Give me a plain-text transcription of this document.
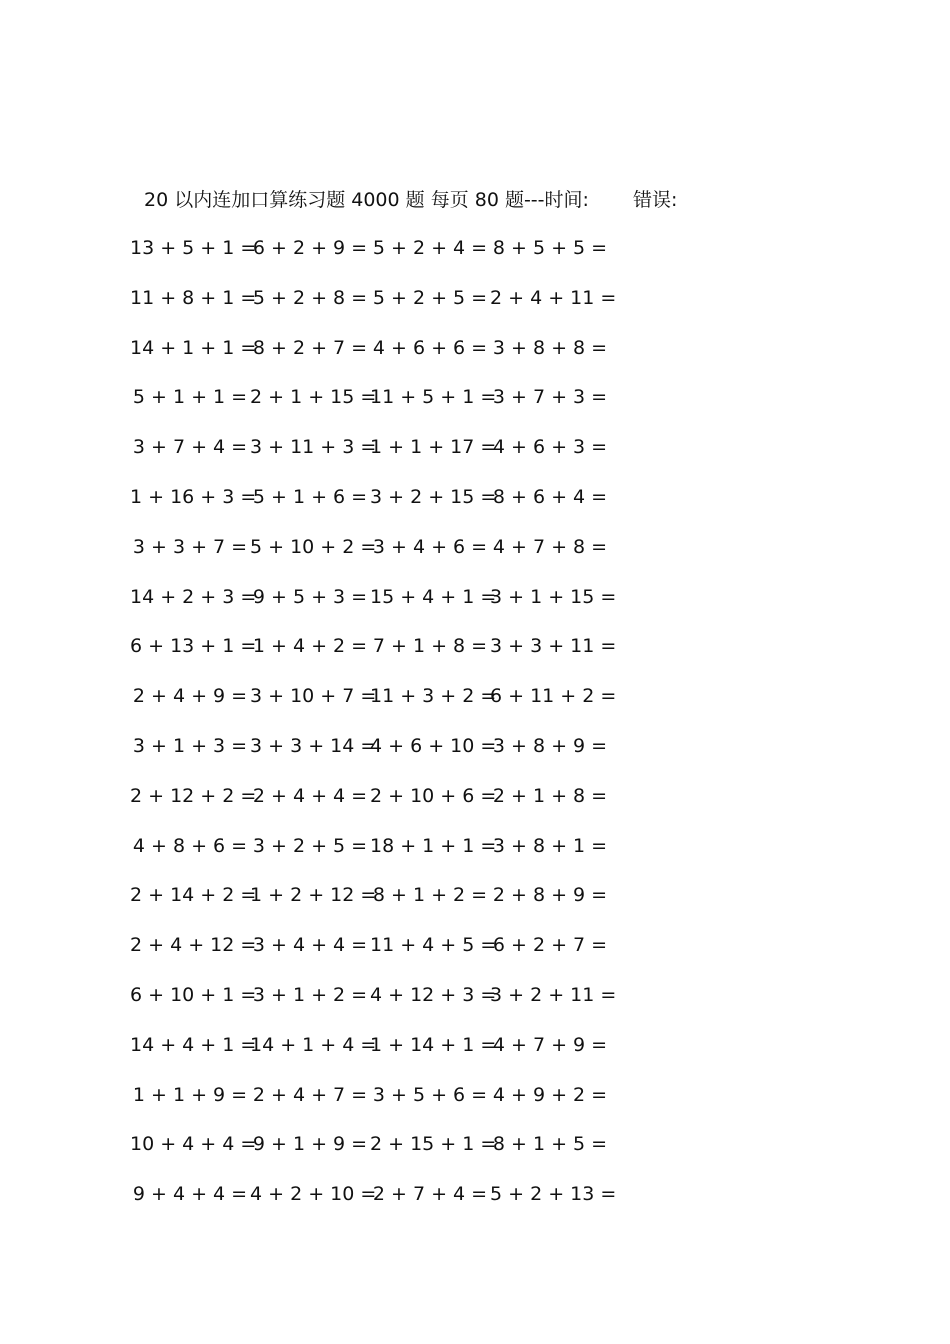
20 以内连加口算练习题 4000 题 每页 80 题---时间: 错误:
13 + 5 + 1 =
6 + 2 + 9 = 5 + 2 + 4 = 8 + 5 + 5 =
11 + 8 + 1 =
5 + 2 + 8 = 5 + 2 + 5 = 2 + 4 + 11 =
14 + 1 + 1 =
8 + 2 + 7 = 4 + 6 + 6 = 3 + 8 + 8 =
5 + 1 + 1 = 2 + 1 + 15 =
11 + 5 + 1 =
3 + 7 + 3 =
3 + 7 + 4 = 3 + 11 + 3 =
1 + 1 + 17 =
4 + 6 + 3 =
1 + 16 + 3 =
5 + 1 + 6 = 3 + 2 + 15 =
8 + 6 + 4 =
3 + 3 + 7 = 5 + 10 + 2 =
3 + 4 + 6 = 4 + 7 + 8 =
14 + 2 + 3 =
9 + 5 + 3 = 15 + 4 + 1 =
3 + 1 + 15 =
6 + 13 + 1 =
1 + 4 + 2 = 7 + 1 + 8 = 3 + 3 + 11 =
2 + 4 + 9 = 3 + 10 + 7 =
11 + 3 + 2 =
6 + 11 + 2 =
3 + 1 + 3 = 3 + 3 + 14 =
4 + 6 + 10 =
3 + 8 + 9 =
2 + 12 + 2 =
2 + 4 + 4 = 2 + 10 + 6 =
2 + 1 + 8 =
4 + 8 + 6 = 3 + 2 + 5 = 18 + 1 + 1 =
3 + 8 + 1 =
2 + 14 + 2 =
1 + 2 + 12 =
8 + 1 + 2 = 2 + 8 + 9 =
2 + 4 + 12 =
3 + 4 + 4 = 11 + 4 + 5 =
6 + 2 + 7 =
6 + 10 + 1 =
3 + 1 + 2 = 4 + 12 + 3 =
3 + 2 + 11 =
14 + 4 + 1 =
14 + 1 + 4 =
1 + 14 + 1 =
4 + 7 + 9 =
1 + 1 + 9 = 2 + 4 + 7 = 3 + 5 + 6 = 4 + 9 + 2 =
10 + 4 + 4 =
9 + 1 + 9 = 2 + 15 + 1 =
8 + 1 + 5 =
9 + 4 + 4 = 4 + 2 + 10 =
2 + 7 + 4 = 5 + 2 + 13 =
